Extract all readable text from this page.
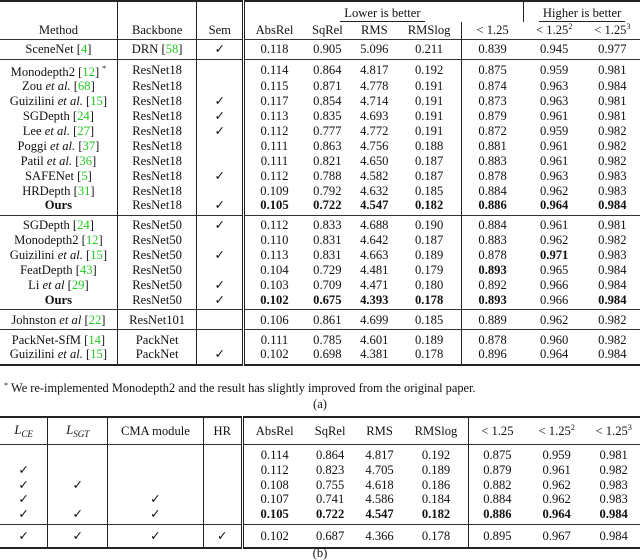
				Lower is better				Higher is better	
Method	Backbone	Sem	AbsRel	SqRel	RMS	RMSlog	< 1.25	< $1.25^2$	< $1.25^3$
SceneNet [4]	DRN [58]	✓	0.118	0.905	5.096	0.211	0.839	0.945	0.977
Monodepth2 [12] *	ResNet18		0.114	0.864	4.817	0.192	0.875	0.959	0.981
Zou et al. [68]	ResNet18		0.115	0.871	4.778	0.191	0.874	0.963	0.984
Guizilini et al. [15]	ResNet18	✓	0.117	0.854	4.714	0.191	0.873	0.963	0.981
SGDepth [24]	ResNet18	✓	0.113	0.835	4.693	0.191	0.879	0.961	0.981
Lee et al. [27]	ResNet18	✓	0.112	0.777	4.772	0.191	0.872	0.959	0.982
Poggi et al. [37]	ResNet18		0.111	0.863	4.756	0.188	0.881	0.961	0.982
Patil et al. [36]	ResNet18		0.111	0.821	4.650	0.187	0.883	0.961	0.982
SAFENet [5]	ResNet18	✓	0.112	0.788	4.582	0.187	0.878	0.963	0.983
HRDepth [31]	ResNet18		0.109	0.792	4.632	0.185	0.884	0.962	0.983
Ours	ResNet18	✓	0.105	0.722	4.547	0.182	0.886	0.964	0.984
SGDepth [24]	ResNet50	✓	0.112	0.833	4.688	0.190	0.884	0.961	0.981
Monodepth2 [12]	ResNet50		0.110	0.831	4.642	0.187	0.883	0.962	0.982
Guizilini et al. [15]	ResNet50	✓	0.113	0.831	4.663	0.189	0.878	0.971	0.983
FeatDepth [43]	ResNet50		0.104	0.729	4.481	0.179	0.893	0.965	0.984
Li et al [29]	ResNet50	✓	0.103	0.709	4.471	0.180	0.892	0.966	0.984
Ours	ResNet50	✓	0.102	0.675	4.393	0.178	0.893	0.966	0.984
Johnston et al [22]	ResNet101		0.106	0.861	4.699	0.185	0.889	0.962	0.982
PackNet-SfM [14]	PackNet		0.111	0.785	4.601	0.189	0.878	0.960	0.982
Guizilini et al. [15]	PackNet	✓	0.102	0.698	4.381	0.178	0.896	0.964	0.984
* We re-implemented Monodepth2 and the result has slightly improved from the original paper.
(a)
$L_{CE}$	$L_{SGT}$	CMA module	HR	AbsRel	SqRel	RMS	RMSlog	< 1.25	< $1.25^2$	< $1.25^3$
				0.114	0.864	4.817	0.192	0.875	0.959	0.981
✓				0.112	0.823	4.705	0.189	0.879	0.961	0.982
✓	✓			0.108	0.755	4.618	0.186	0.882	0.962	0.983
✓		✓		0.107	0.741	4.586	0.184	0.884	0.962	0.983
✓	✓	✓		0.105	0.722	4.547	0.182	0.886	0.964	0.984
✓	✓	✓	✓	0.102	0.687	4.366	0.178	0.895	0.967	0.984
(b)
